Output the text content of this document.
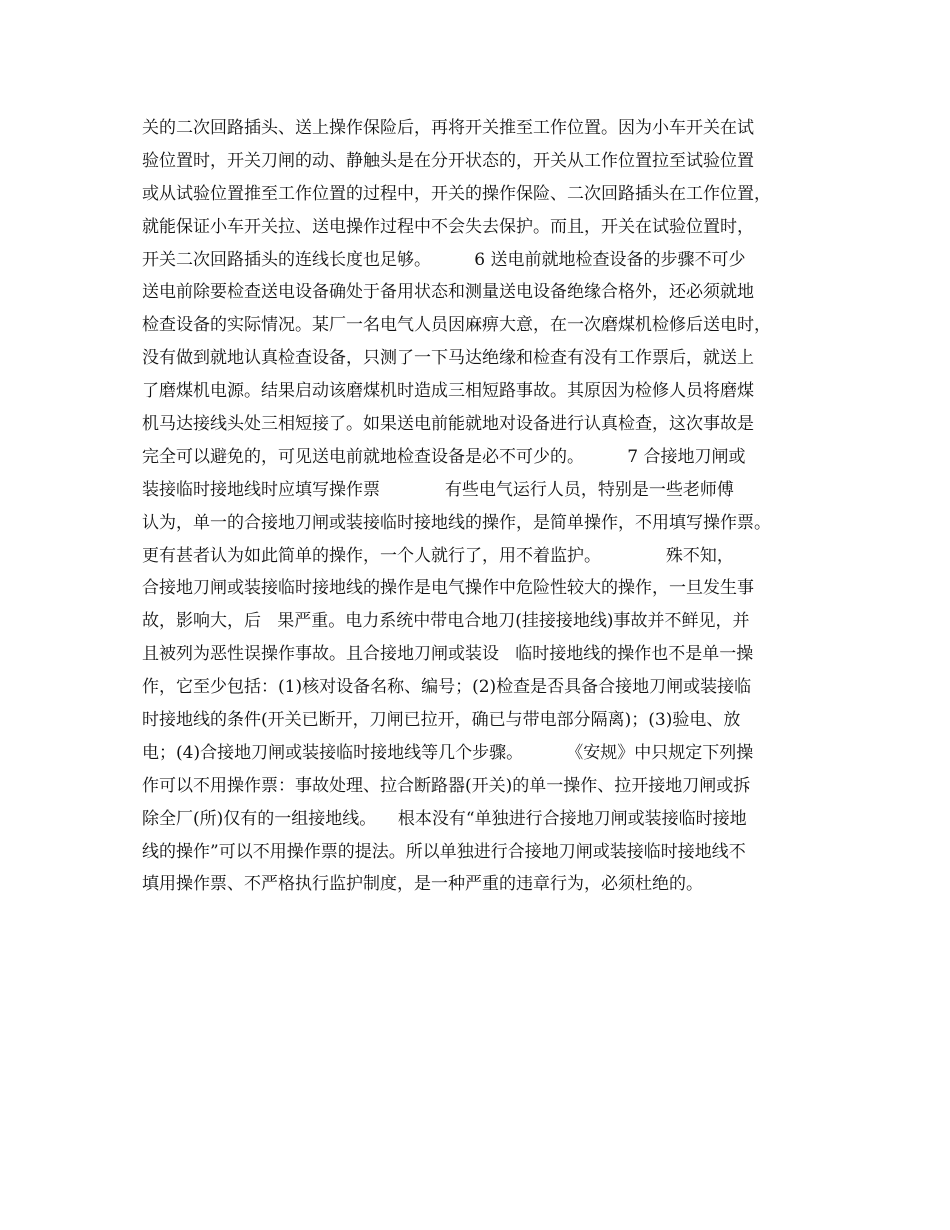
关的二次回路插头、送上操作保险后，再将开关推至工作位置。因为小车开关在试
验位置时，开关刀闸的动、静触头是在分开状态的，开关从工作位置拉至试验位置
或从试验位置推至工作位置的过程中，开关的操作保险、二次回路插头在工作位置，
就能保证小车开关拉、送电操作过程中不会失去保护。而且，开关在试验位置时，
开关二次回路插头的连线长度也足够。        6 送电前就地检查设备的步骤不可少
送电前除要检查送电设备确处于备用状态和测量送电设备绝缘合格外，还必须就地
检查设备的实际情况。某厂一名电气人员因麻痹大意，在一次磨煤机检修后送电时，
没有做到就地认真检查设备，只测了一下马达绝缘和检查有没有工作票后，就送上
了磨煤机电源。结果启动该磨煤机时造成三相短路事故。其原因为检修人员将磨煤
机马达接线头处三相短接了。如果送电前能就地对设备进行认真检查，这次事故是
完全可以避免的，可见送电前就地检查设备是必不可少的。        7 合接地刀闸或
装接临时接地线时应填写操作票            有些电气运行人员，特别是一些老师傅
认为，单一的合接地刀闸或装接临时接地线的操作，是简单操作，不用填写操作票。
更有甚者认为如此简单的操作，一个人就行了，用不着监护。            殊不知，
合接地刀闸或装接临时接地线的操作是电气操作中危险性较大的操作，一旦发生事
故，影响大，后   果严重。电力系统中带电合地刀(挂接接地线)事故并不鲜见，并
且被列为恶性误操作事故。且合接地刀闸或装设   临时接地线的操作也不是单一操
作，它至少包括：(1)核对设备名称、编号；(2)检查是否具备合接地刀闸或装接临
时接地线的条件(开关已断开，刀闸已拉开，确已与带电部分隔离)；(3)验电、放
电；(4)合接地刀闸或装接临时接地线等几个步骤。        《安规》中只规定下列操
作可以不用操作票：事故处理、拉合断路器(开关)的单一操作、拉开接地刀闸或拆
除全厂(所)仅有的一组接地线。    根本没有“单独进行合接地刀闸或装接临时接地
线的操作”可以不用操作票的提法。所以单独进行合接地刀闸或装接临时接地线不
填用操作票、不严格执行监护制度，是一种严重的违章行为，必须杜绝的。
